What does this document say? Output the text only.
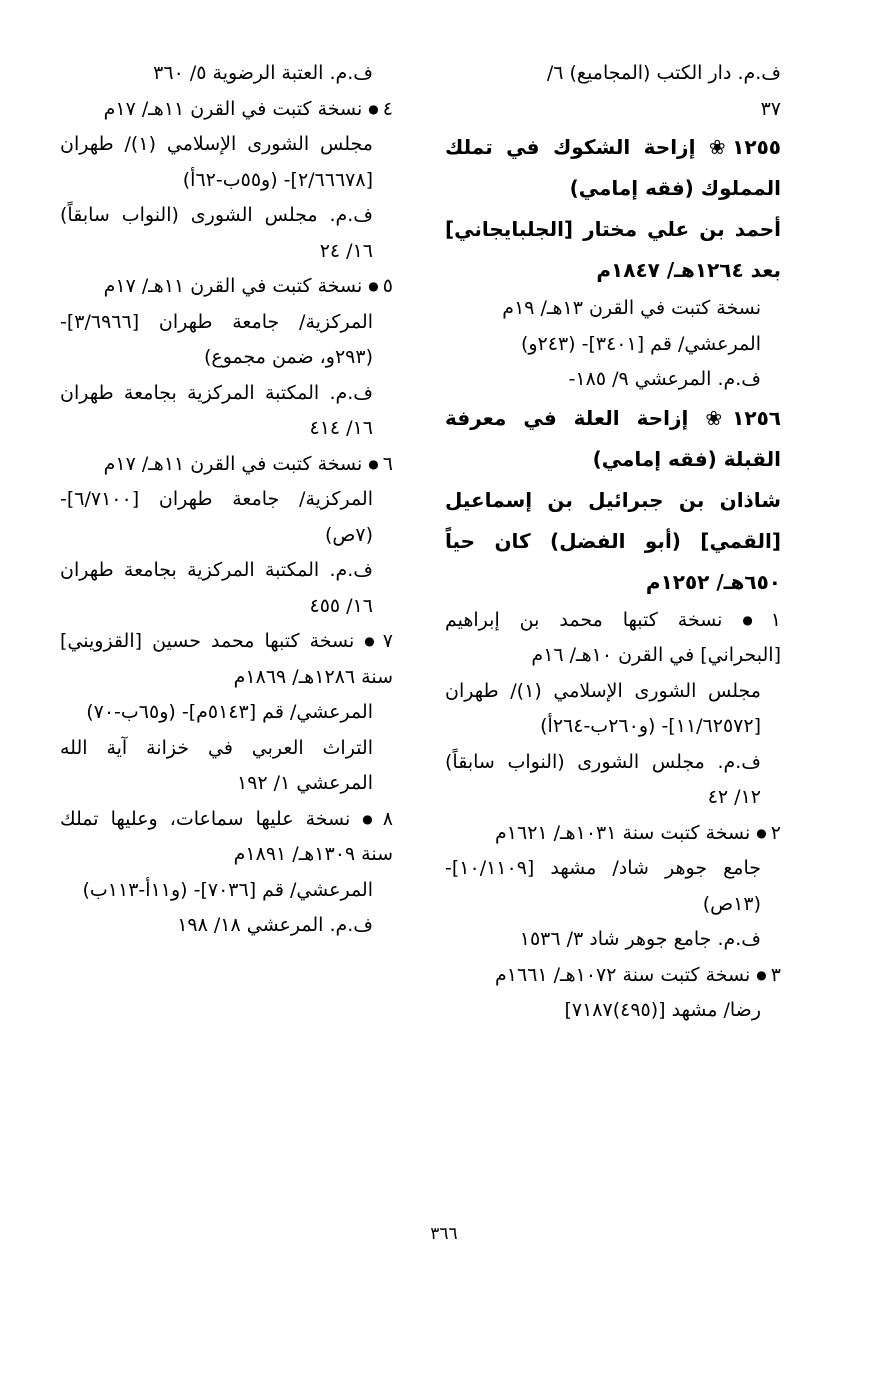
ف.م. دار الكتب (المجاميع) ٦/
٣٧

١٢٥٥❀ إزاحة الشكوك في تملك المملوك (فقه إمامي)

أحمد بن علي مختار [الجلبايجاني] بعد ١٢٦٤هـ/ ١٨٤٧م

نسخة كتبت في القرن ١٣هـ/ ١٩م
المرعشي/ قم [٣٤٠١]- (٢٤٣و)
ف.م. المرعشي ٩/ ١٨٥-

١٢٥٦❀ إزاحة العلة في معرفة القبلة (فقه إمامي)

شاذان بن جبرائيل بن إسماعيل [القمي] (أبو الفضل) كان حياً ٦٥٠هـ/ ١٢٥٢م

١●نسخة كتبها محمد بن إبراهيم [البحراني] في القرن ١٠هـ/ ١٦م

مجلس الشورى الإسلامي (١)/ طهران [١١/٦٢٥٧٢]- (و٢٦٠ب-٢٦٤أ)

ف.م. مجلس الشورى (النواب سابقاً) ١٢/ ٤٢

٢●نسخة كتبت سنة ١٠٣١هـ/ ١٦٢١م

جامع جوهر شاد/ مشهد [١٠/١١٠٩]- (١٣ص)

ف.م. جامع جوهر شاد ٣/ ١٥٣٦

٣●نسخة كتبت سنة ١٠٧٢هـ/ ١٦٦١م

رضا/ مشهد [(٤٩٥)٧١٨٧]

ف.م. العتبة الرضوية ٥/ ٣٦٠

٤●نسخة كتبت في القرن ١١هـ/ ١٧م

مجلس الشورى الإسلامي (١)/ طهران [٢/٦٦٦٧٨]- (و٥٥ب-٦٢أ)

ف.م. مجلس الشورى (النواب سابقاً) ١٦/ ٢٤

٥●نسخة كتبت في القرن ١١هـ/ ١٧م

المركزية/ جامعة طهران [٣/٦٩٦٦]- (٢٩٣و، ضمن مجموع)

ف.م. المكتبة المركزية بجامعة طهران ١٦/ ٤١٤

٦●نسخة كتبت في القرن ١١هـ/ ١٧م

المركزية/ جامعة طهران [٦/٧١٠٠]- (٧ص)

ف.م. المكتبة المركزية بجامعة طهران ١٦/ ٤٥٥

٧●نسخة كتبها محمد حسين [القزويني] سنة ١٢٨٦هـ/ ١٨٦٩م

المرعشي/ قم [٥١٤٣م]- (و٦٥ب-٧٠)

التراث العربي في خزانة آية الله المرعشي ١/ ١٩٢

٨●نسخة عليها سماعات، وعليها تملك سنة ١٣٠٩هـ/ ١٨٩١م

المرعشي/ قم [٧٠٣٦]- (و١١أ-١١٣ب)

ف.م. المرعشي ١٨/ ١٩٨

٣٦٦
